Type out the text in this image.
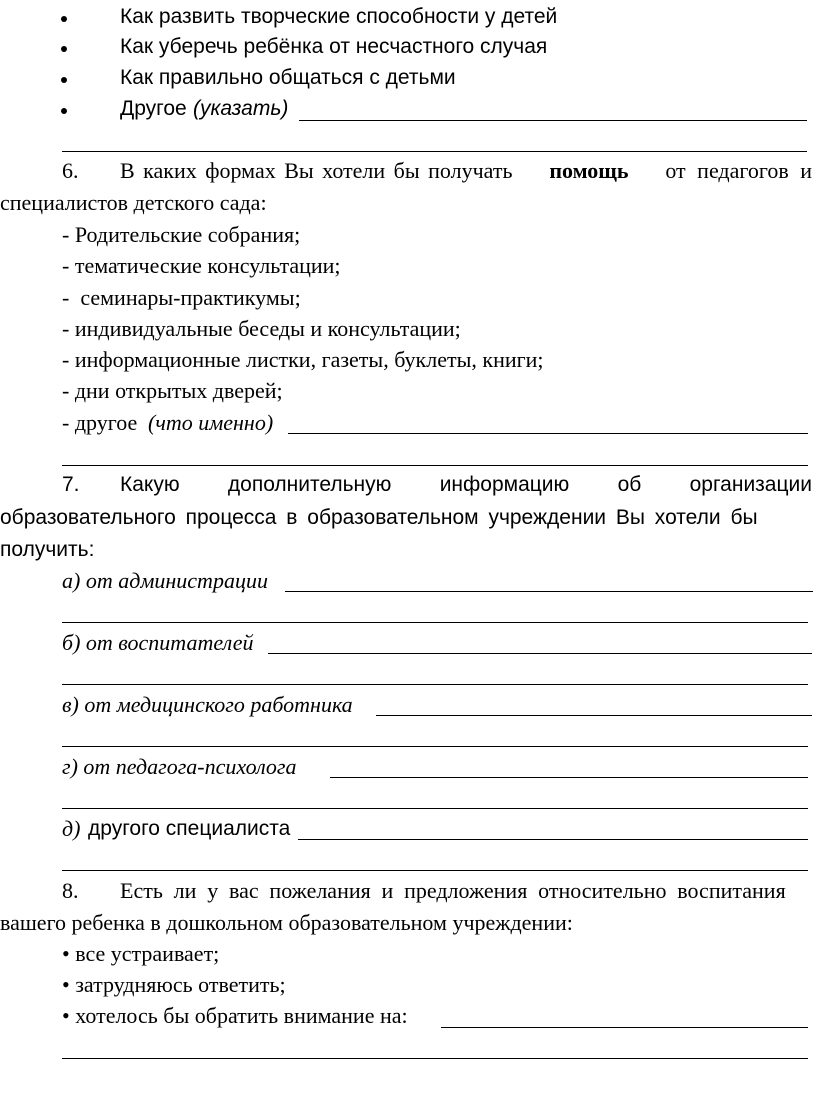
Как развить творческие способности у детей
Как уберечь ребёнка от несчастного случая
Как правильно общаться с детьми
Другое (указать)
6. В каких формах Вы хотели бы получать помощь от педагогов и
специалистов детского сада:
- Родительские собрания;
- тематические консультации;
-  семинары-практикумы;
- индивидуальные беседы и консультации;
- информационные листки, газеты, буклеты, книги;
- дни открытых дверей;
- другое (что именно)
7. Какую дополнительную информацию об организации
образовательного процесса в образовательном учреждении Вы хотели бы
получить:
а) от администрации
б) от воспитателей
в) от медицинского работника
г) от педагога-психолога
д) другого специалиста
8. Есть ли у вас пожелания и предложения относительно воспитания
вашего ребенка в дошкольном образовательном учреждении:
• все устраивает;
• затрудняюсь ответить;
• хотелось бы обратить внимание на:
